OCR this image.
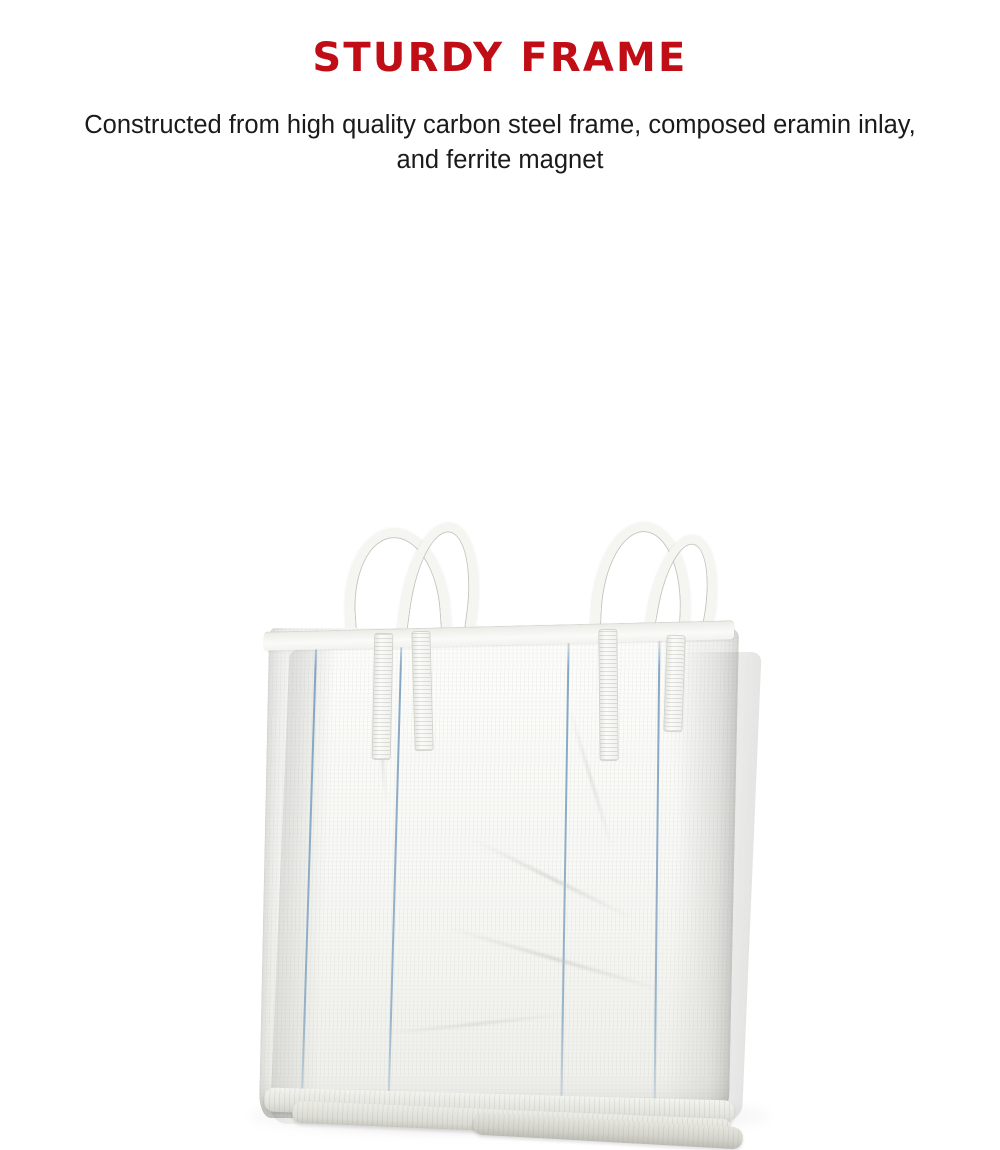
STURDY FRAME

Constructed from high quality carbon steel frame, composed eramin inlay, and ferrite magnet
